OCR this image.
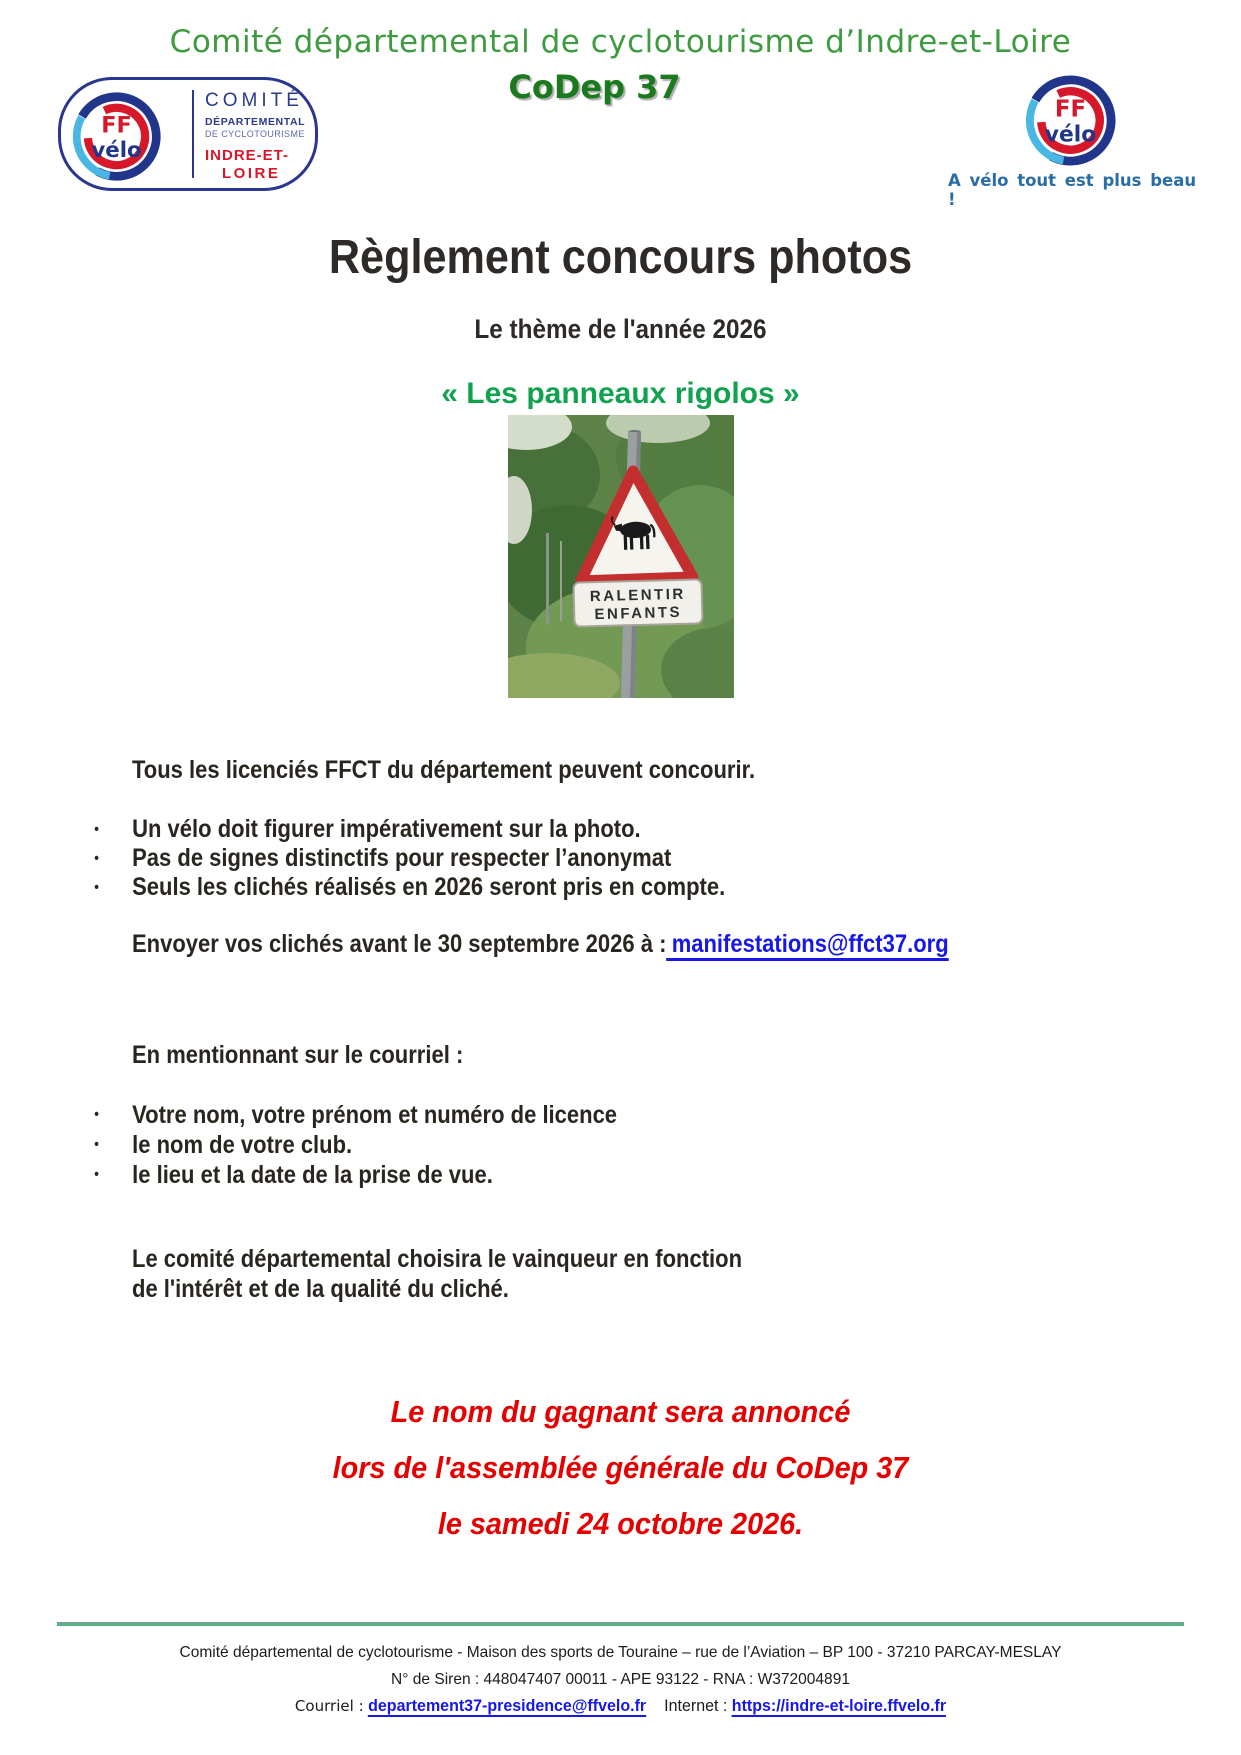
Comité départemental de cyclotourisme d’Indre-et-Loire
CoDep 37
COMITÉ
DÉPARTEMENTAL
DE CYCLOTOURISME
INDRE-ET-
LOIRE	A vélo tout est plus beau !
Règlement concours photos
Le thème de l'année 2026
« Les panneaux rigolos »
RALENTIR
ENFANTS
Tous les licenciés FFCT du département peuvent concourir.
•	Un vélo doit figurer impérativement sur la photo.
•	Pas de signes distinctifs pour respecter l’anonymat
•	Seuls les clichés réalisés en 2026 seront pris en compte.
Envoyer vos clichés avant le 30 septembre 2026 à : manifestations@ffct37.org
En mentionnant sur le courriel :
•	Votre nom, votre prénom et numéro de licence
•	le nom de votre club.
•	le lieu et la date de la prise de vue.
Le comité départemental choisira le vainqueur en fonction
de l'intérêt et de la qualité du cliché.
Le nom du gagnant sera annoncé
lors de l'assemblée générale du CoDep 37
le samedi 24 octobre 2026.
Comité départemental de cyclotourisme - Maison des sports de Touraine – rue de l’Aviation – BP 100 - 37210 PARCAY-MESLAY
N° de Siren : 448047407 00011 - APE 93122 - RNA : W372004891
Courriel : departement37-presidence@ffvelo.fr Internet : https://indre-et-loire.ffvelo.fr
